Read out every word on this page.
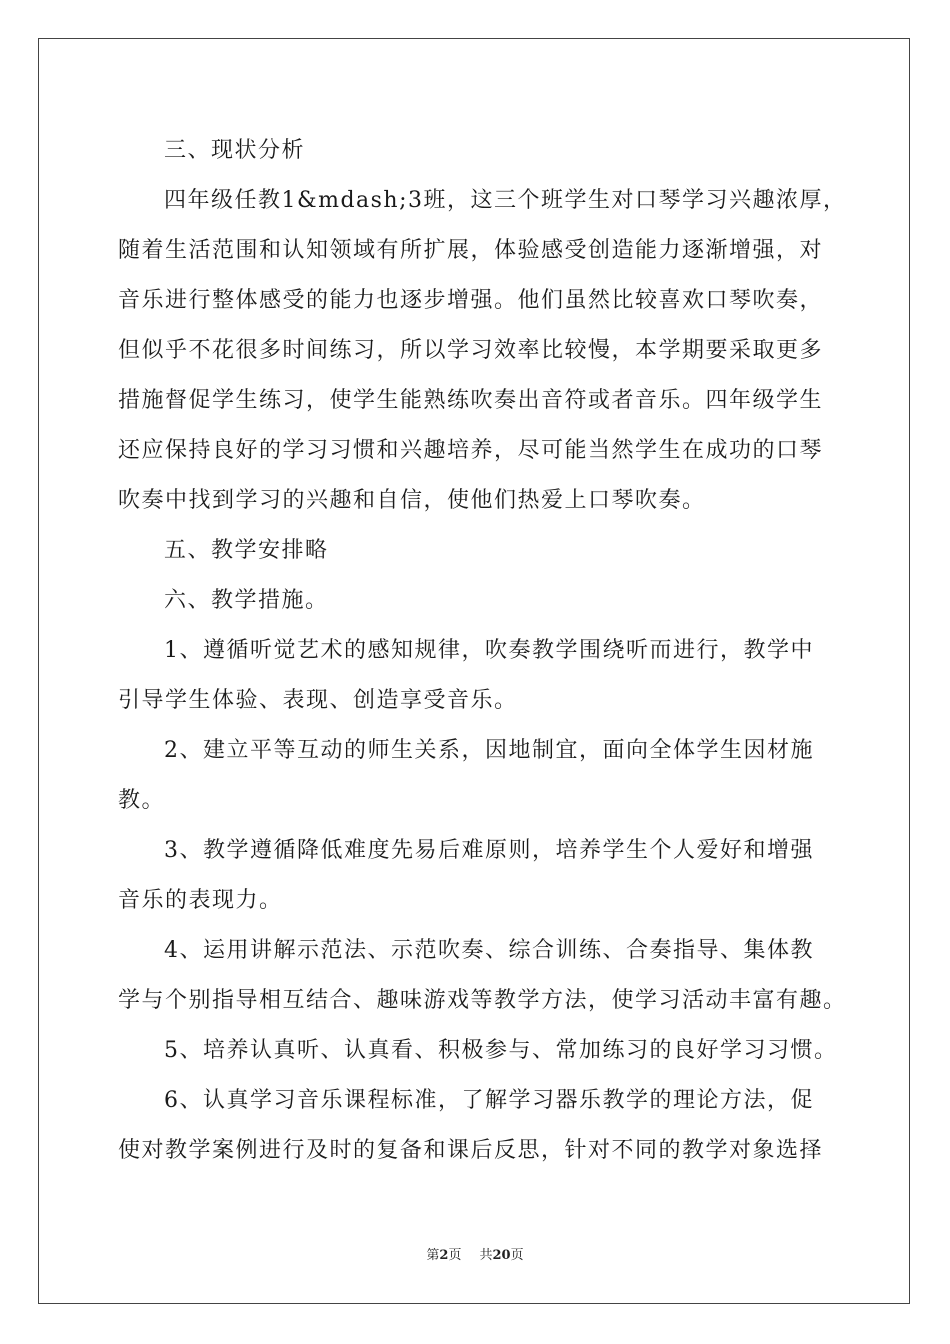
三、现状分析
四年级任教1&mdash;3班，这三个班学生对口琴学习兴趣浓厚，
随着生活范围和认知领域有所扩展，体验感受创造能力逐渐增强，对
音乐进行整体感受的能力也逐步增强。他们虽然比较喜欢口琴吹奏，
但似乎不花很多时间练习，所以学习效率比较慢，本学期要采取更多
措施督促学生练习，使学生能熟练吹奏出音符或者音乐。四年级学生
还应保持良好的学习习惯和兴趣培养，尽可能当然学生在成功的口琴
吹奏中找到学习的兴趣和自信，使他们热爱上口琴吹奏。
五、教学安排略
六、教学措施。
1、遵循听觉艺术的感知规律，吹奏教学围绕听而进行，教学中
引导学生体验、表现、创造享受音乐。
2、建立平等互动的师生关系，因地制宜，面向全体学生因材施
教。
3、教学遵循降低难度先易后难原则，培养学生个人爱好和增强
音乐的表现力。
4、运用讲解示范法、示范吹奏、综合训练、合奏指导、集体教
学与个别指导相互结合、趣味游戏等教学方法，使学习活动丰富有趣。
5、培养认真听、认真看、积极参与、常加练习的良好学习习惯。
6、认真学习音乐课程标准，了解学习器乐教学的理论方法，促
使对教学案例进行及时的复备和课后反思，针对不同的教学对象选择
第2页 共20页
